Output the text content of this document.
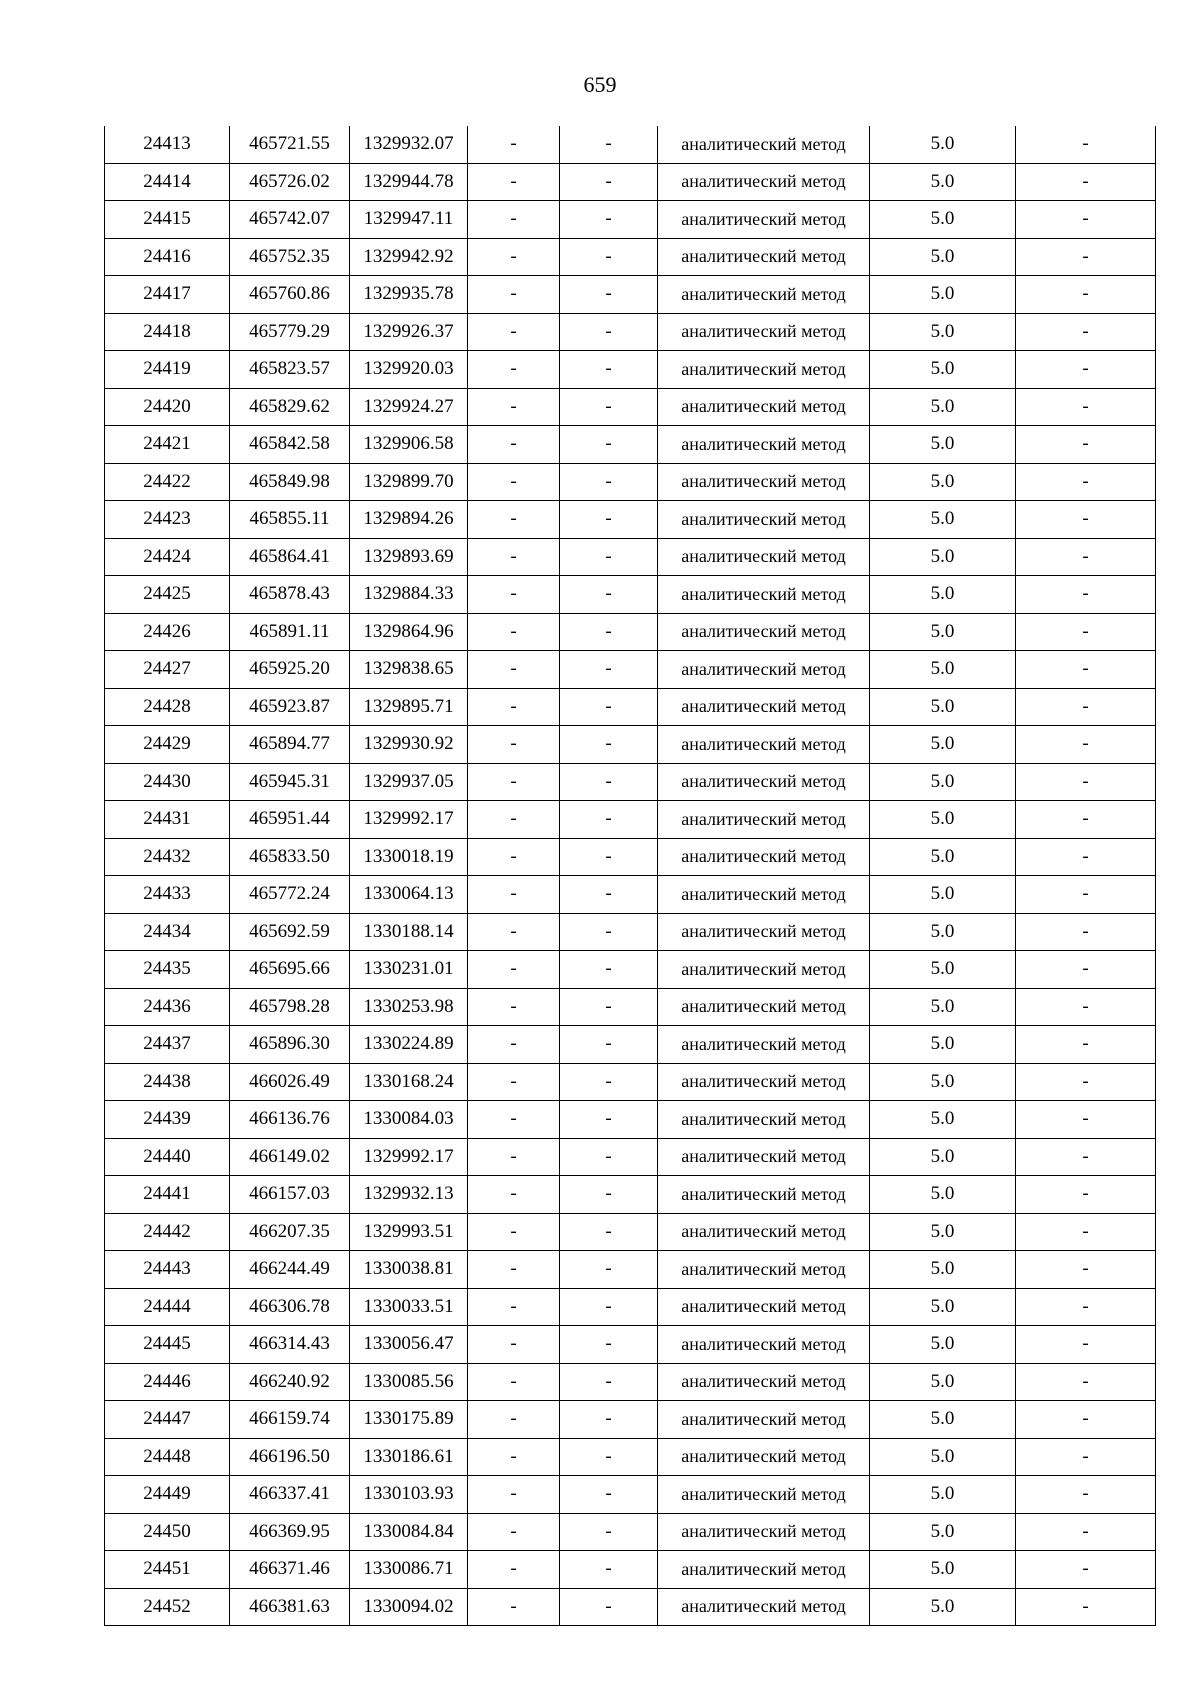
659
24413	465721.55	1329932.07	-	-	аналитический метод	5.0	-
24414	465726.02	1329944.78	-	-	аналитический метод	5.0	-
24415	465742.07	1329947.11	-	-	аналитический метод	5.0	-
24416	465752.35	1329942.92	-	-	аналитический метод	5.0	-
24417	465760.86	1329935.78	-	-	аналитический метод	5.0	-
24418	465779.29	1329926.37	-	-	аналитический метод	5.0	-
24419	465823.57	1329920.03	-	-	аналитический метод	5.0	-
24420	465829.62	1329924.27	-	-	аналитический метод	5.0	-
24421	465842.58	1329906.58	-	-	аналитический метод	5.0	-
24422	465849.98	1329899.70	-	-	аналитический метод	5.0	-
24423	465855.11	1329894.26	-	-	аналитический метод	5.0	-
24424	465864.41	1329893.69	-	-	аналитический метод	5.0	-
24425	465878.43	1329884.33	-	-	аналитический метод	5.0	-
24426	465891.11	1329864.96	-	-	аналитический метод	5.0	-
24427	465925.20	1329838.65	-	-	аналитический метод	5.0	-
24428	465923.87	1329895.71	-	-	аналитический метод	5.0	-
24429	465894.77	1329930.92	-	-	аналитический метод	5.0	-
24430	465945.31	1329937.05	-	-	аналитический метод	5.0	-
24431	465951.44	1329992.17	-	-	аналитический метод	5.0	-
24432	465833.50	1330018.19	-	-	аналитический метод	5.0	-
24433	465772.24	1330064.13	-	-	аналитический метод	5.0	-
24434	465692.59	1330188.14	-	-	аналитический метод	5.0	-
24435	465695.66	1330231.01	-	-	аналитический метод	5.0	-
24436	465798.28	1330253.98	-	-	аналитический метод	5.0	-
24437	465896.30	1330224.89	-	-	аналитический метод	5.0	-
24438	466026.49	1330168.24	-	-	аналитический метод	5.0	-
24439	466136.76	1330084.03	-	-	аналитический метод	5.0	-
24440	466149.02	1329992.17	-	-	аналитический метод	5.0	-
24441	466157.03	1329932.13	-	-	аналитический метод	5.0	-
24442	466207.35	1329993.51	-	-	аналитический метод	5.0	-
24443	466244.49	1330038.81	-	-	аналитический метод	5.0	-
24444	466306.78	1330033.51	-	-	аналитический метод	5.0	-
24445	466314.43	1330056.47	-	-	аналитический метод	5.0	-
24446	466240.92	1330085.56	-	-	аналитический метод	5.0	-
24447	466159.74	1330175.89	-	-	аналитический метод	5.0	-
24448	466196.50	1330186.61	-	-	аналитический метод	5.0	-
24449	466337.41	1330103.93	-	-	аналитический метод	5.0	-
24450	466369.95	1330084.84	-	-	аналитический метод	5.0	-
24451	466371.46	1330086.71	-	-	аналитический метод	5.0	-
24452	466381.63	1330094.02	-	-	аналитический метод	5.0	-
